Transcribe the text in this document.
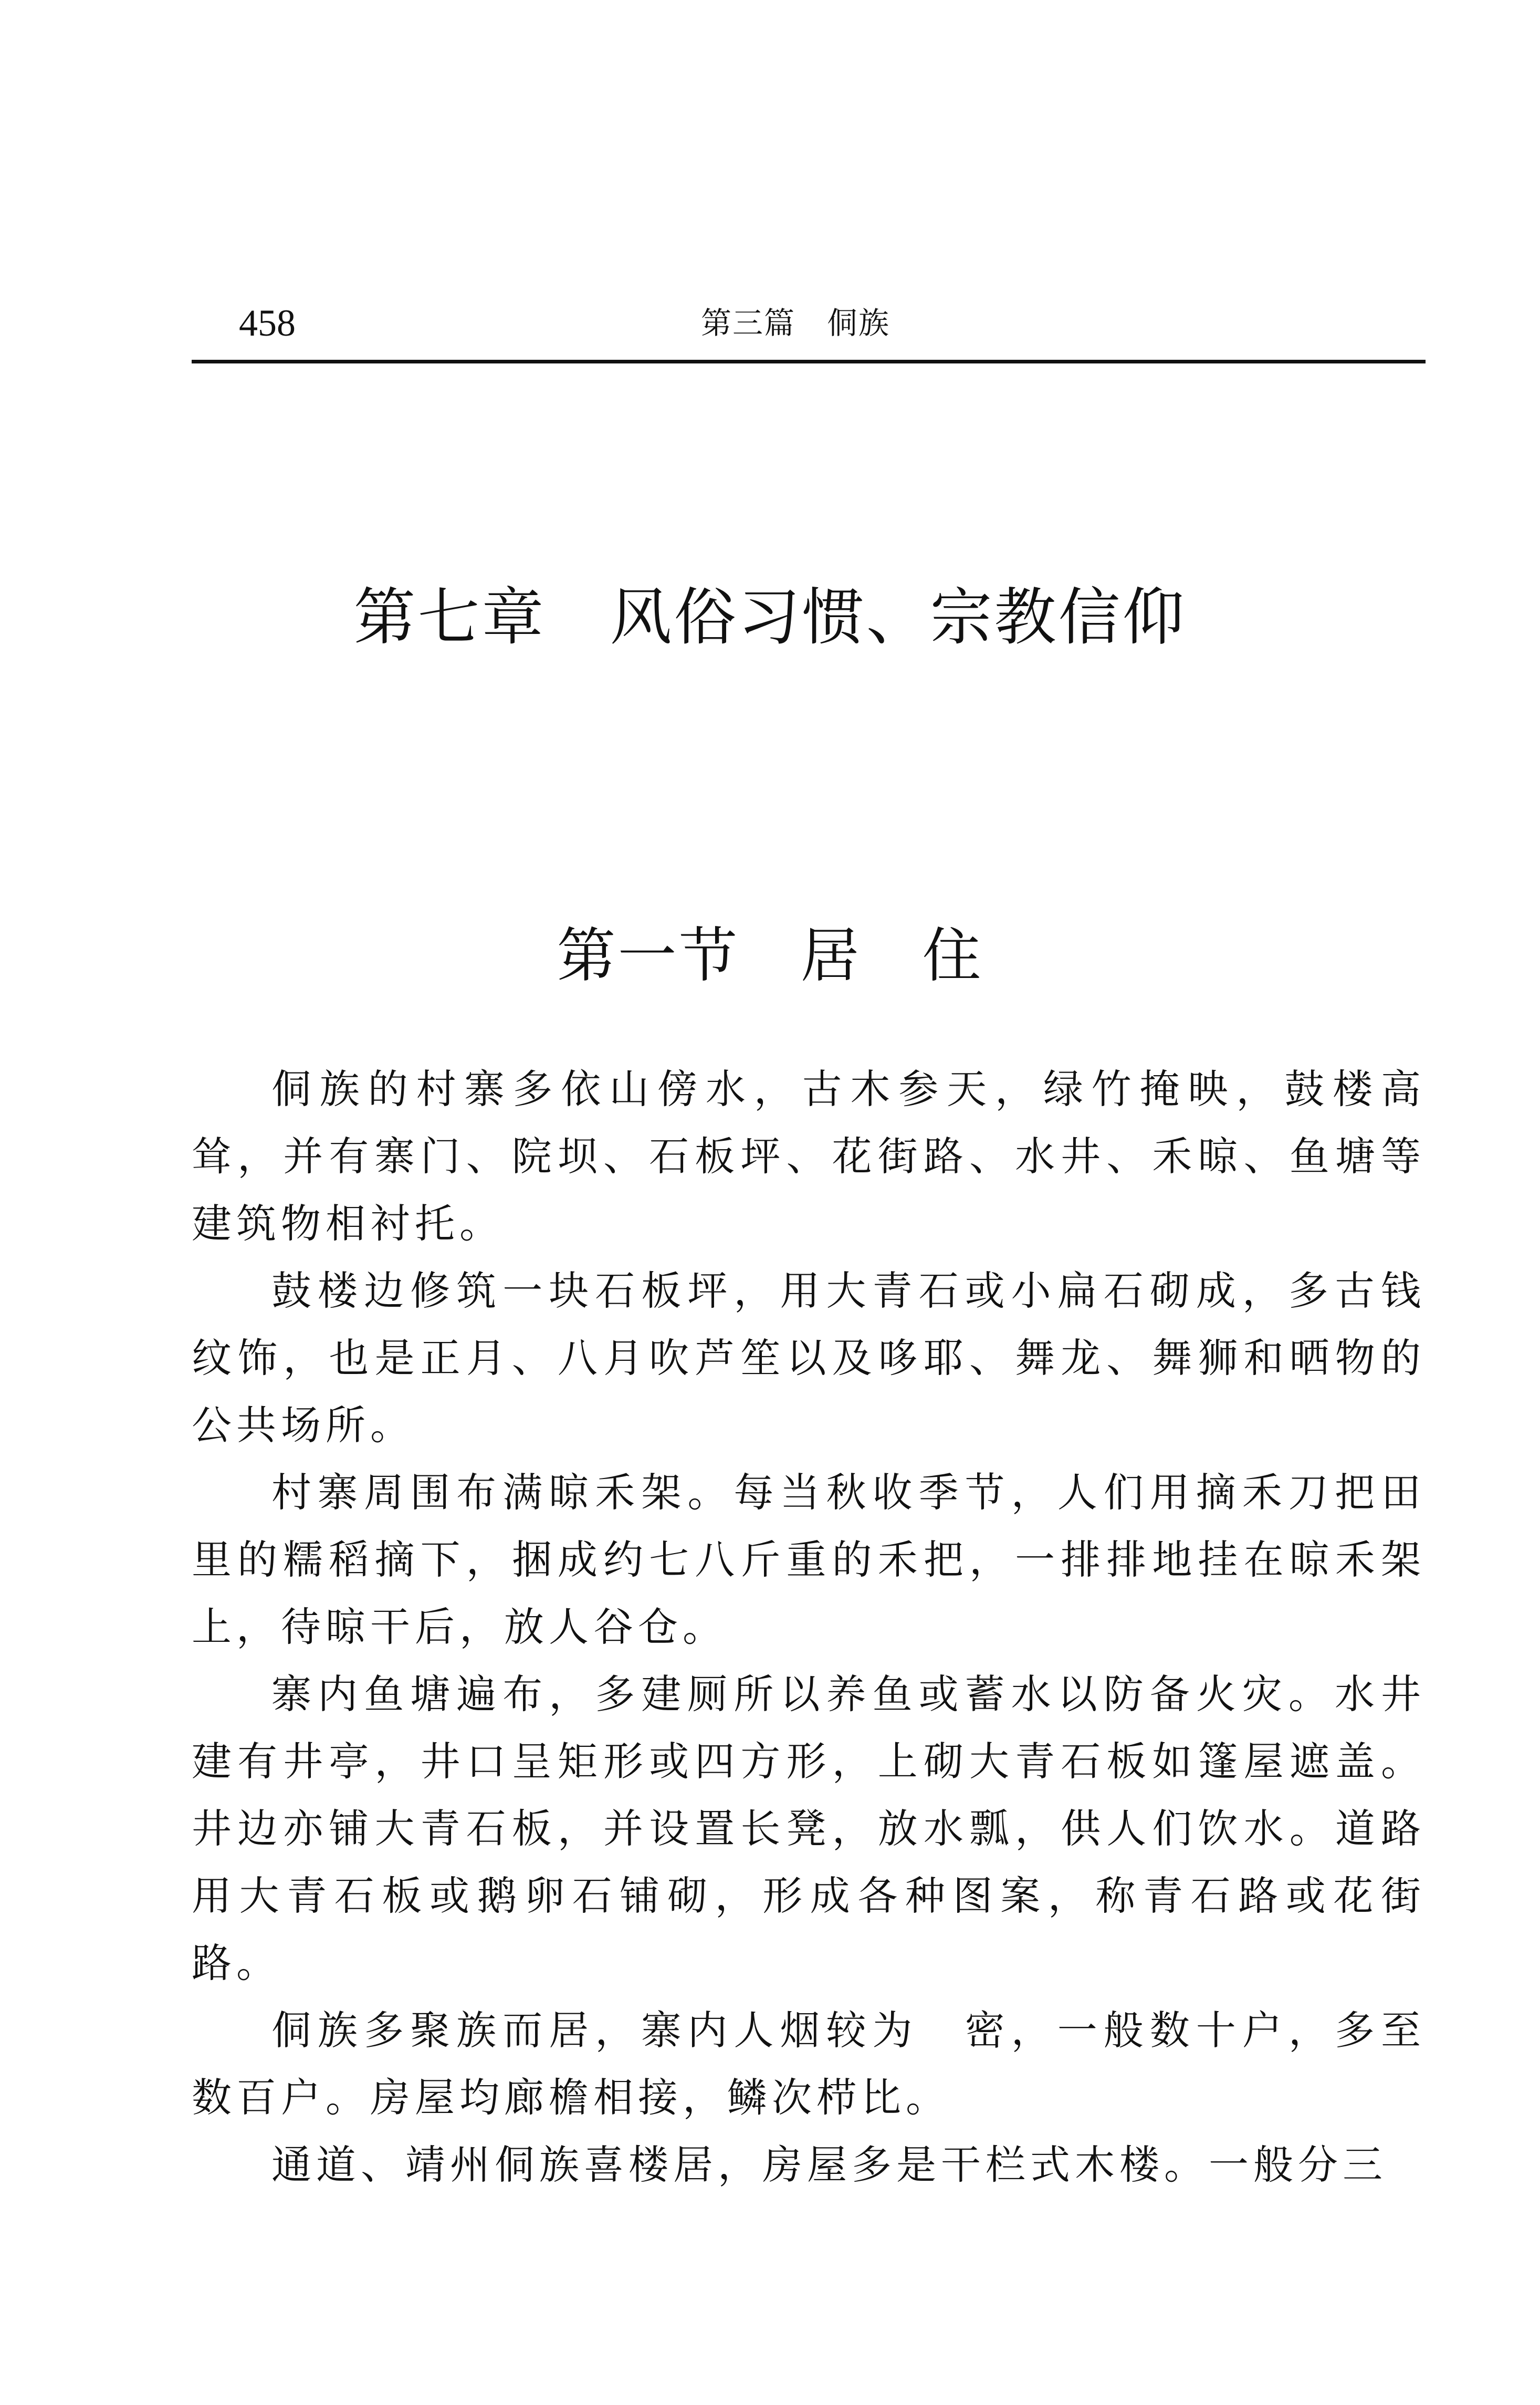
458	第三篇　侗族
第七章　风俗习惯、宗教信仰
第一节　居　住

侗族的村寨多依山傍水，古木参天，绿竹掩映，鼓楼高耸，并有寨门、院坝、石板坪、花街路、水井、禾晾、鱼塘等建筑物相衬托。

鼓楼边修筑一块石板坪，用大青石或小扁石砌成，多古钱纹饰，也是正月、八月吹芦笙以及哆耶、舞龙、舞狮和晒物的公共场所。

村寨周围布满晾禾架。每当秋收季节，人们用摘禾刀把田里的糯稻摘下，捆成约七八斤重的禾把，一排排地挂在晾禾架上，待晾干后，放人谷仓。

寨内鱼塘遍布，多建厕所以养鱼或蓄水以防备火灾。水井建有井亭，井口呈矩形或四方形，上砌大青石板如篷屋遮盖。井边亦铺大青石板，并设置长凳，放水瓢，供人们饮水。道路用大青石板或鹅卵石铺砌，形成各种图案，称青石路或花街路。

侗族多聚族而居，寨内人烟较为　密，一般数十户，多至数百户。房屋均廊檐相接，鳞次栉比。

通道、靖州侗族喜楼居，房屋多是干栏式木楼。一般分三
